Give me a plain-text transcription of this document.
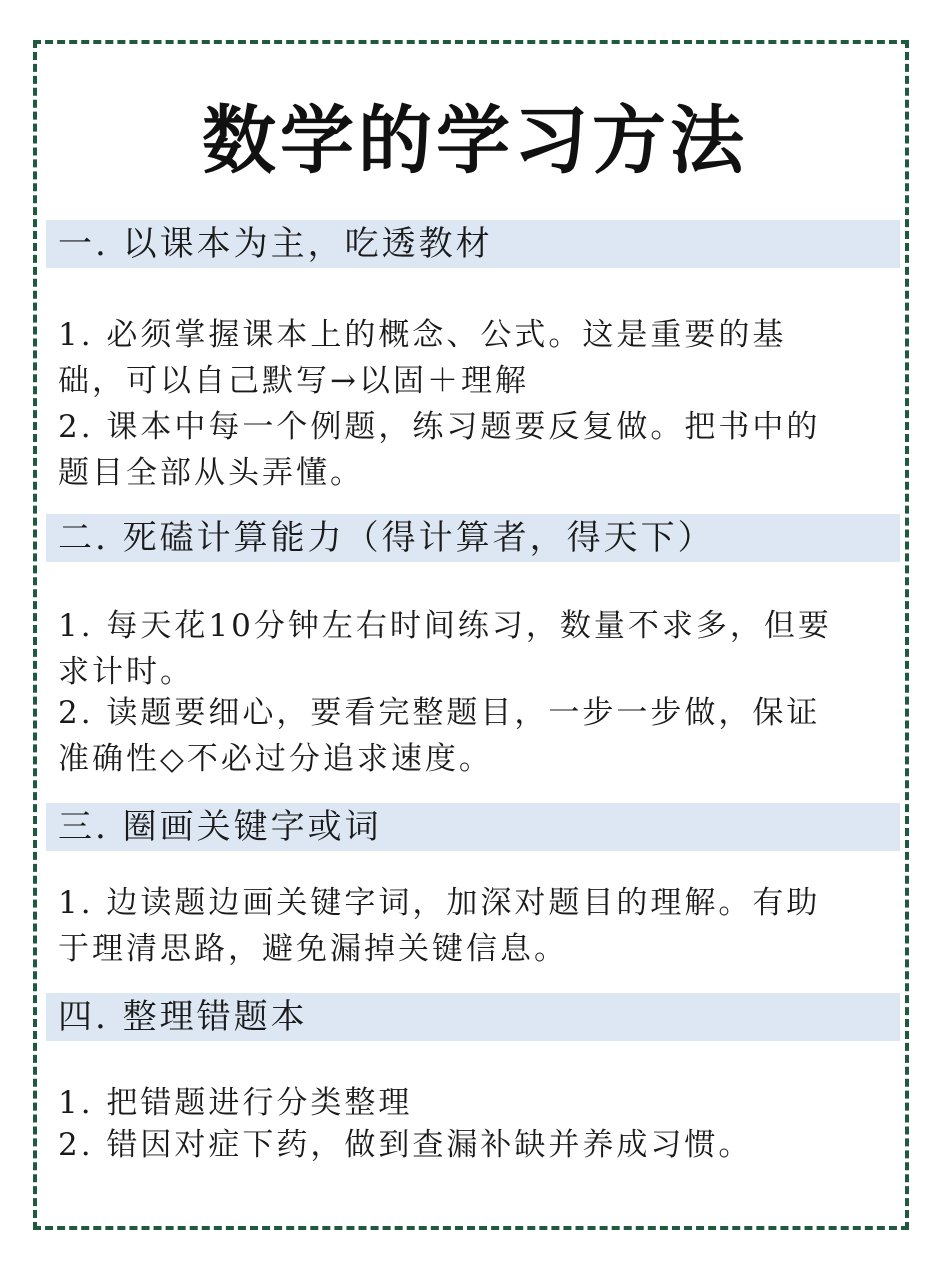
数学的学习方法
一. 以课本为主，吃透教材
1. 必须掌握课本上的概念、公式。这是重要的基础，可以自己默写→以固＋理解
2. 课本中每一个例题，练习题要反复做。把书中的题目全部从头弄懂。
二. 死磕计算能力（得计算者，得天下）
1. 每天花10分钟左右时间练习，数量不求多，但要求计时。
2. 读题要细心，要看完整题目，一步一步做，保证准确性◇不必过分追求速度。
三. 圈画关键字或词
1. 边读题边画关键字词，加深对题目的理解。有助于理清思路，避免漏掉关键信息。
四. 整理错题本
1. 把错题进行分类整理
2. 错因对症下药，做到查漏补缺并养成习惯。
